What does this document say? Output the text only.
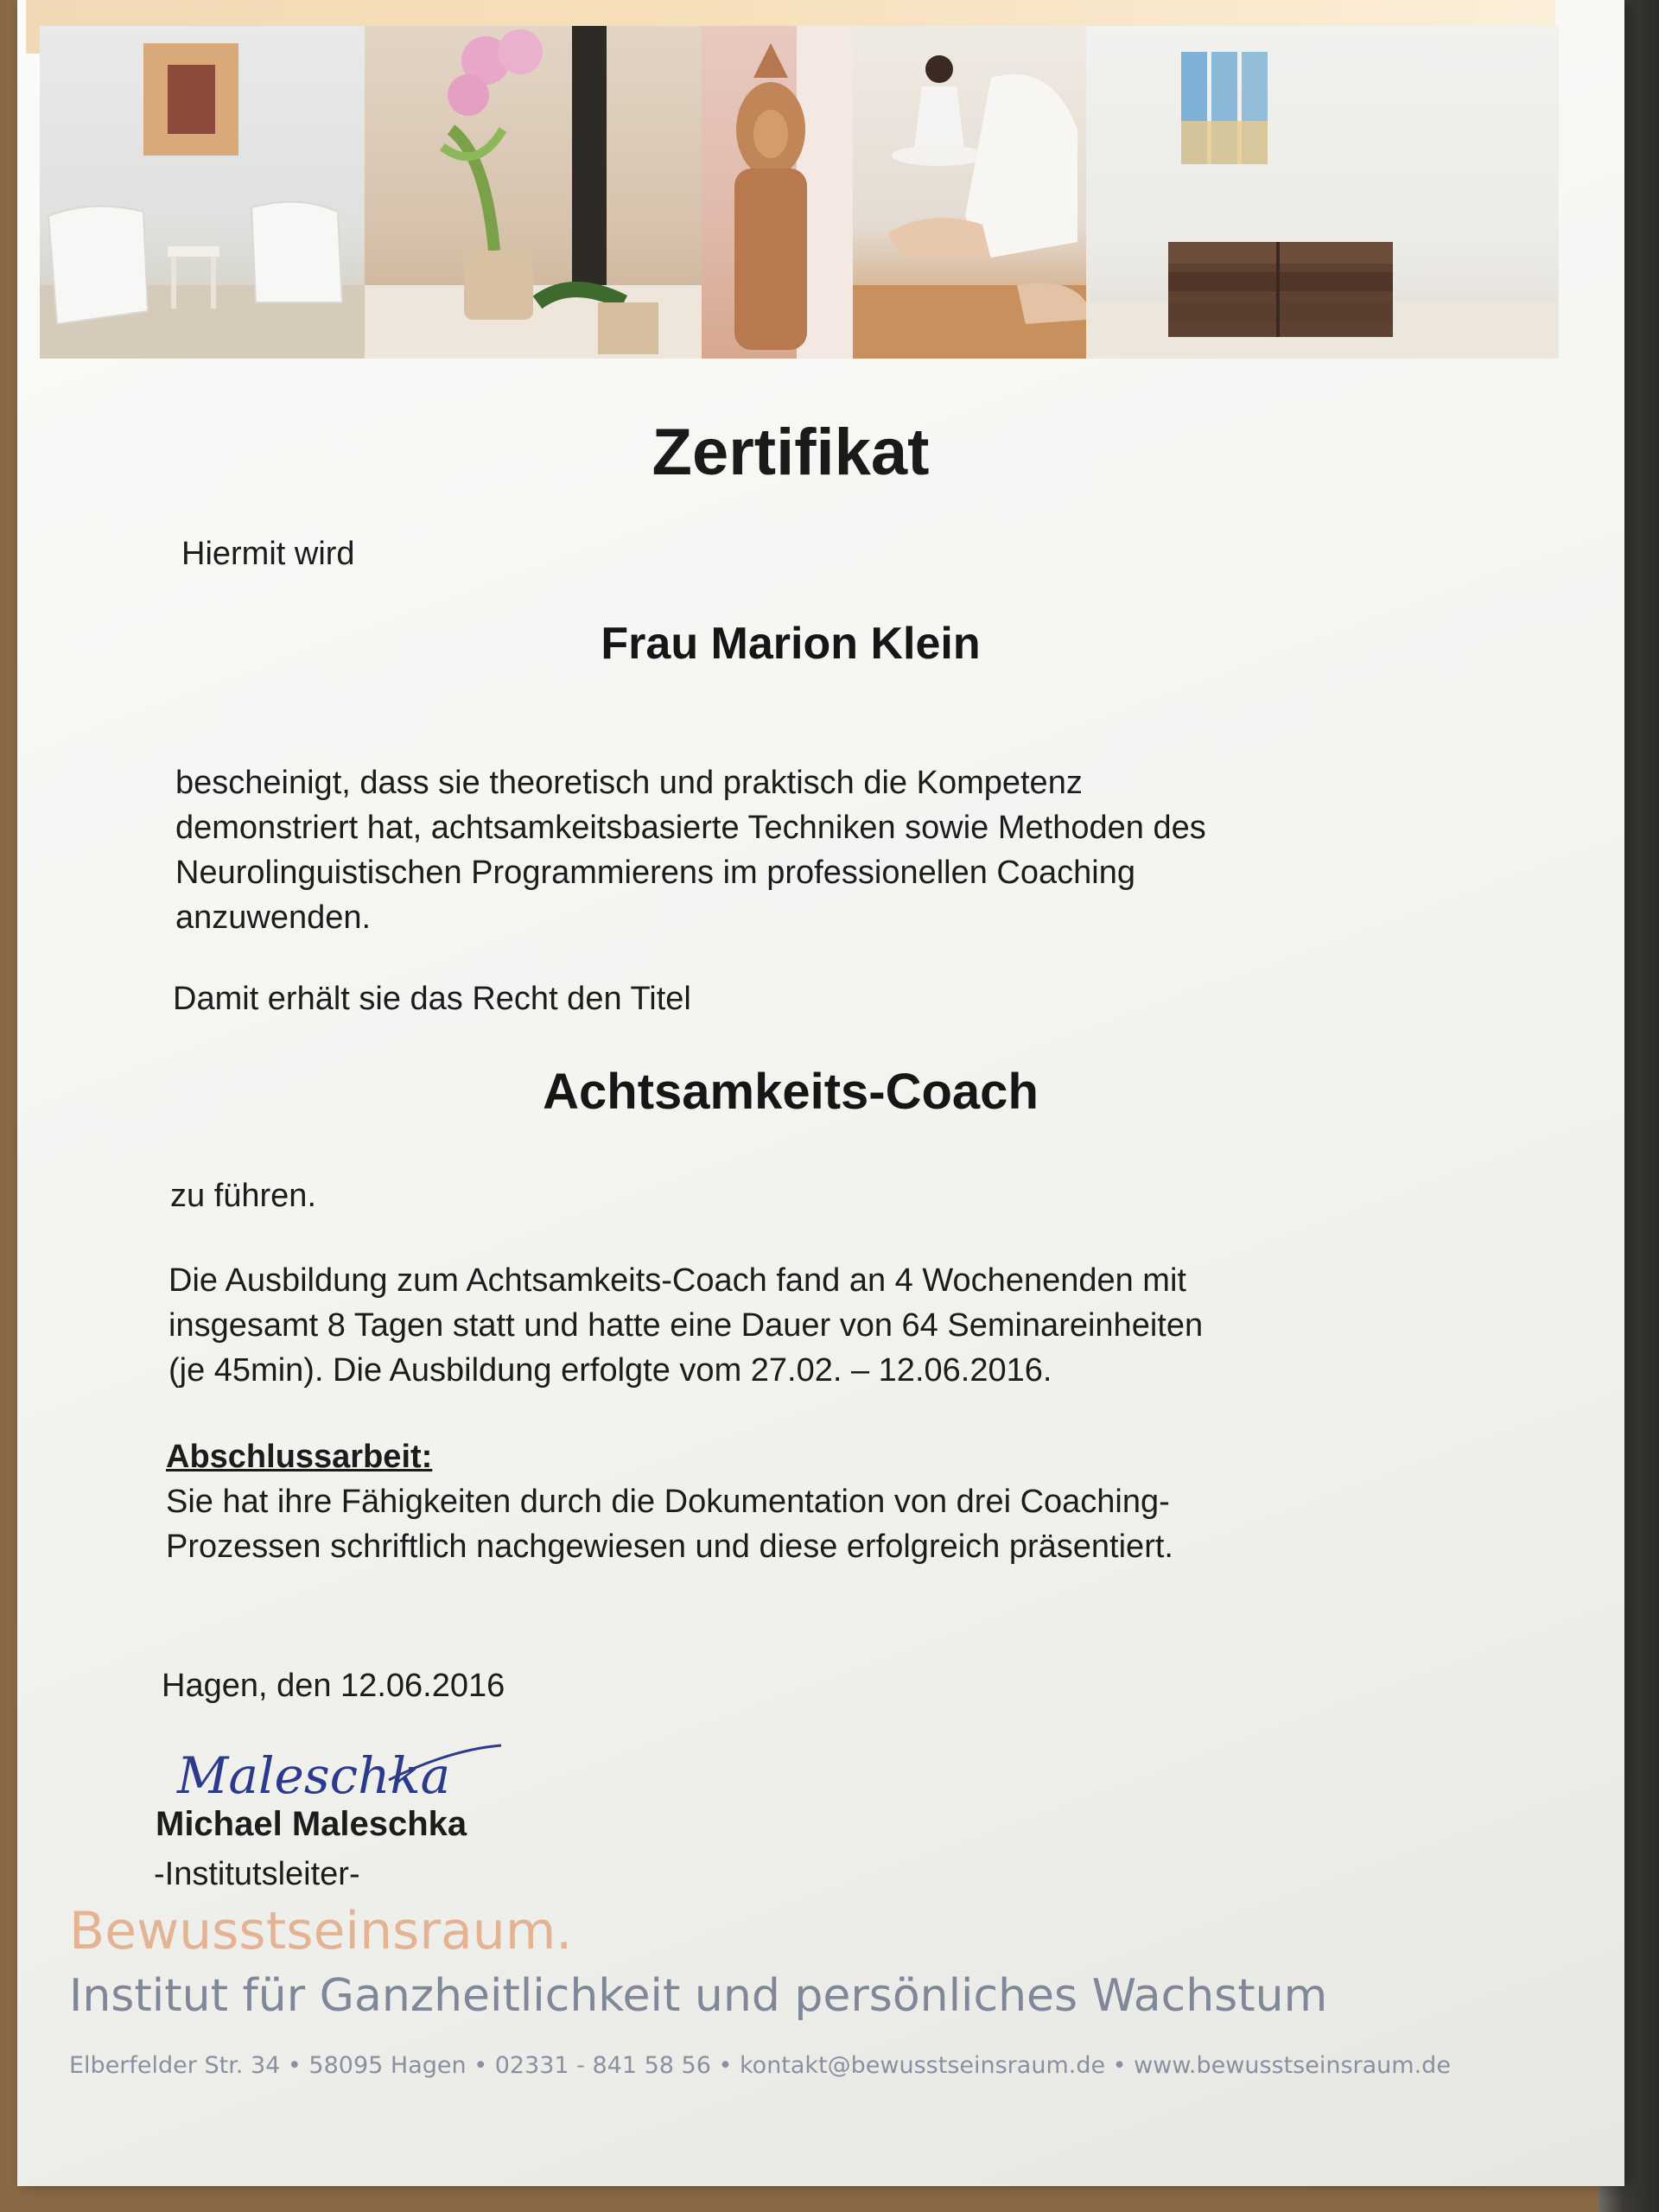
Zertifikat
Hiermit wird
Frau Marion Klein
bescheinigt, dass sie theoretisch und praktisch die Kompetenz
demonstriert hat, achtsamkeitsbasierte Techniken sowie Methoden des
Neurolinguistischen Programmierens im professionellen Coaching
anzuwenden.
Damit erhält sie das Recht den Titel
Achtsamkeits-Coach
zu führen.
Die Ausbildung zum Achtsamkeits-Coach fand an 4 Wochenenden mit
insgesamt 8 Tagen statt und hatte eine Dauer von 64 Seminareinheiten
(je 45min). Die Ausbildung erfolgte vom 27.02. – 12.06.2016.
Abschlussarbeit:
Sie hat ihre Fähigkeiten durch die Dokumentation von drei Coaching-
Prozessen schriftlich nachgewiesen und diese erfolgreich präsentiert.
Hagen, den 12.06.2016
Maleschka
Michael Maleschka
-Institutsleiter-
Bewusstseinsraum.
Institut für Ganzheitlichkeit und persönliches Wachstum
Elberfelder Str. 34 • 58095 Hagen • 02331 - 841 58 56 • kontakt@bewusstseinsraum.de • www.bewusstseinsraum.de
